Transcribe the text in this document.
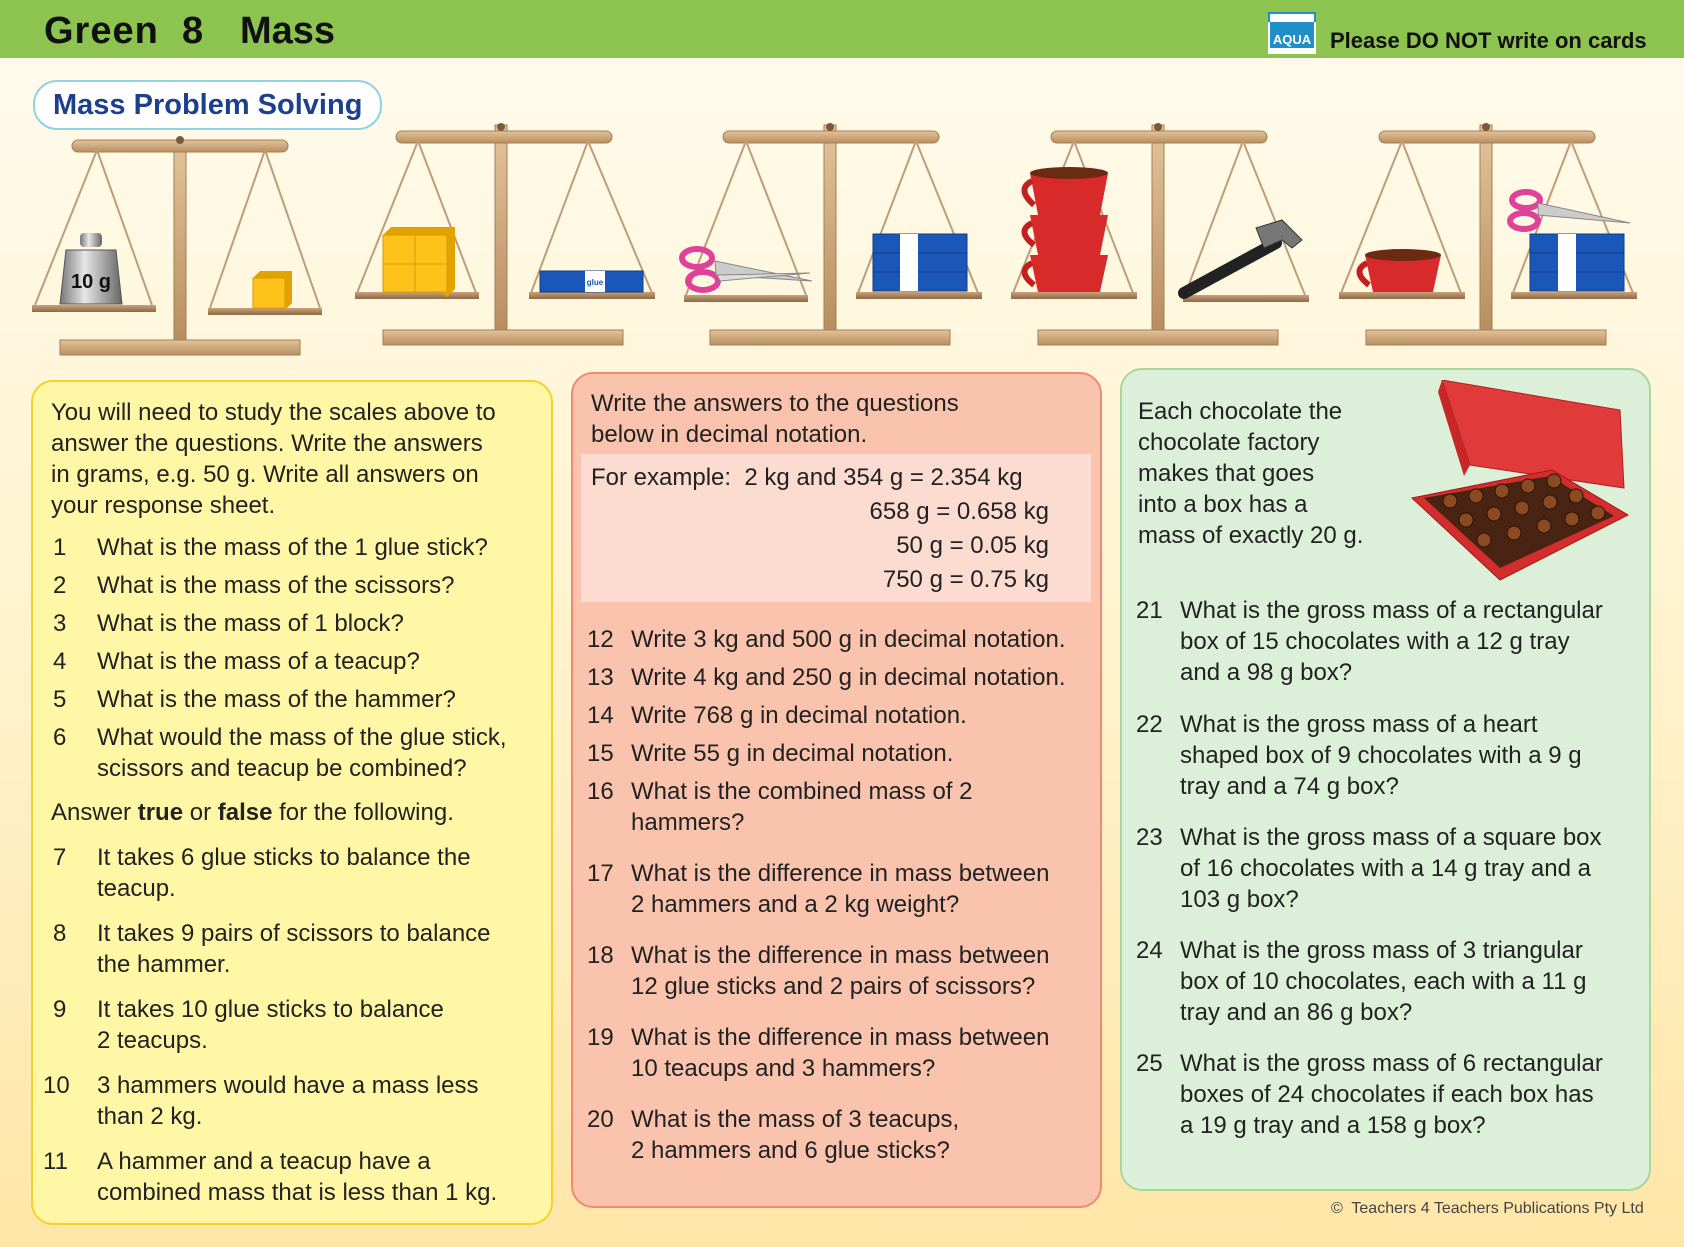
Green  8 Mass	AQUA Please DO NOT write on cards
Mass Problem Solving
10 g	glue
You will need to study the scales above to
answer the questions. Write the answers
in grams, e.g. 50 g. Write all answers on
your response sheet.
1	What is the mass of the 1 glue stick?
2	What is the mass of the scissors?
3	What is the mass of 1 block?
4	What is the mass of a teacup?
5	What is the mass of the hammer?
6	What would the mass of the glue stick,
scissors and teacup be combined?
Answer true or false for the following.
7	It takes 6 glue sticks to balance the
teacup.
8	It takes 9 pairs of scissors to balance
the hammer.
9	It takes 10 glue sticks to balance
2 teacups.
10	3 hammers would have a mass less
than 2 kg.
11	A hammer and a teacup have a
combined mass that is less than 1 kg.
Write the answers to the questions
below in decimal notation.
For example:  2 kg and 354 g = 2.354 kg
658 g = 0.658 kg
50 g = 0.05 kg
750 g = 0.75 kg
12 Write 3 kg and 500 g in decimal notation.
13 Write 4 kg and 250 g in decimal notation.
14 Write 768 g in decimal notation.
15 Write 55 g in decimal notation.
16 What is the combined mass of 2
hammers?
17 What is the difference in mass between
2 hammers and a 2 kg weight?
18 What is the difference in mass between
12 glue sticks and 2 pairs of scissors?
19 What is the difference in mass between
10 teacups and 3 hammers?
20 What is the mass of 3 teacups,
2 hammers and 6 glue sticks?
Each chocolate the
chocolate factory
makes that goes
into a box has a
mass of exactly 20 g.
21 What is the gross mass of a rectangular
box of 15 chocolates with a 12 g tray
and a 98 g box?
22 What is the gross mass of a heart
shaped box of 9 chocolates with a 9 g
tray and a 74 g box?
23 What is the gross mass of a square box
of 16 chocolates with a 14 g tray and a
103 g box?
24 What is the gross mass of 3 triangular
box of 10 chocolates, each with a 11 g
tray and an 86 g box?
25 What is the gross mass of 6 rectangular
boxes of 24 chocolates if each box has
a 19 g tray and a 158 g box?
© Teachers 4 Teachers Publications Pty Ltd
